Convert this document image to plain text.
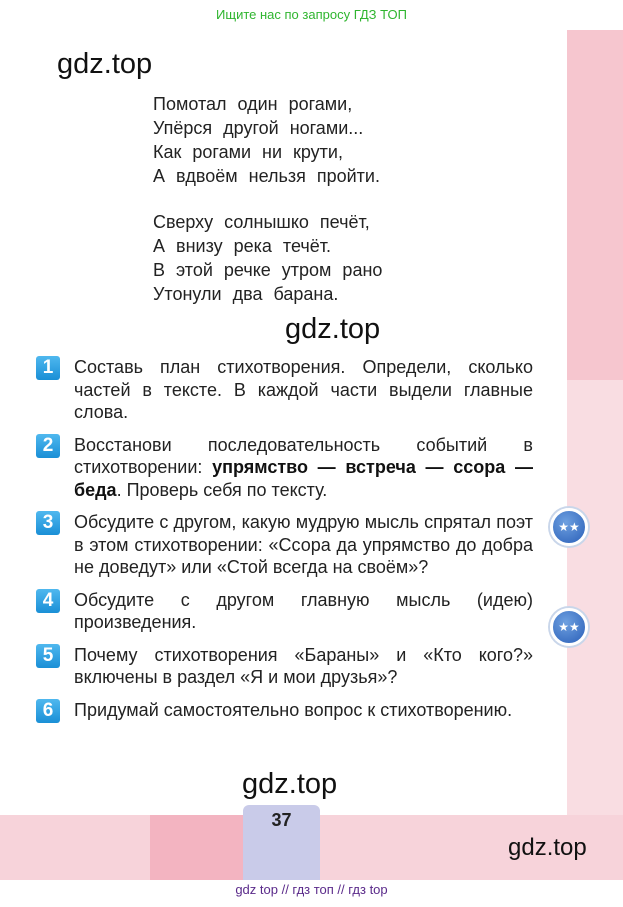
Ищите нас по запросу ГДЗ ТОП
gdz.top
Помотал один рогами,
Упёрся другой ногами...
Как рогами ни крути,
А вдвоём нельзя пройти.
Сверху солнышко печёт,
А внизу река течёт.
В этой речке утром рано
Утонули два барана.
gdz.top
1	Составь план стихотворения. Определи, сколько частей в тексте. В каждой части выдели главные слова.
2	Восстанови последовательность событий в стихотворении: упрямство — встреча — ссора — беда. Проверь себя по тексту.
3	Обсудите с другом, какую мудрую мысль спрятал поэт в этом стихотворении: «Ссора да упрямство до добра не доведут» или «Стой всегда на своём»?
4	Обсудите с другом главную мысль (идею) произведения.
5	Почему стихотворения «Бараны» и «Кто кого?» включены в раздел «Я и мои друзья»?
6	Придумай самостоятельно вопрос к стихотворению.
★★
★★
gdz.top
37
gdz.top
gdz top // гдз топ // гдз top
